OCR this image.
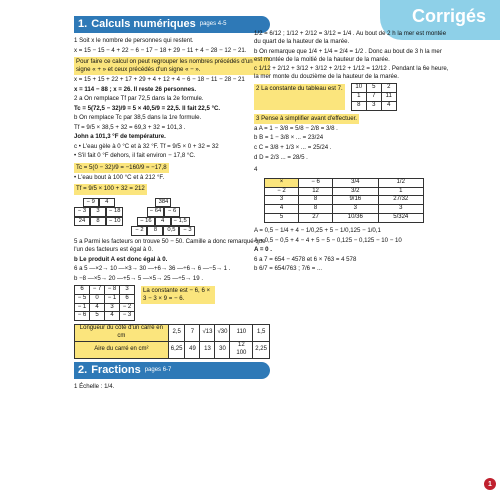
Corrigés
1. Calculs numériques pages 4-5
1 Soit x le nombre de personnes qui restent.
x = 15 − 15 − 4 + 22 − 6 − 17 − 18 + 29 − 11 + 4 − 28 − 12 − 21.
Pour faire ce calcul on peut regrouper les nombres précédés d'un signe « + » et ceux précédés d'un signe « − ».
x = 15 + 15 + 22 + 17 + 29 + 4 + 12 + 4 − 6 − 18 − 11 − 28 − 21
x = 114 − 88 ; x = 26. Il reste 26 personnes.
2 a On remplace Tf par 72,5 dans la 2e formule.
Tc = 5(72,5 − 32)/9 = 5 × 40,5/9 = 22,5. Il fait 22,5 °C.
b On remplace Tc par 38,5 dans la 1re formule.
Tf = 9/5 × 38,5 + 32 = 69,3 + 32 = 101,3 .
John a 101,3 °F de température.
c • L'eau gèle à 0 °C et à 32 °F. Tf = 9/5 × 0 + 32 = 32
• S'il fait 0 °F dehors, il fait environ − 17,8 °C.
Tc = 5(0 − 32)/9 = −160/9 ≈ −17,8
• L'eau bout à 100 °C et à 212 °F.
Tf = 9/5 × 100 + 32 = 212
− 9	4
− 3	3	− 18
24	8	− 10
384
− 64	− 6
− 16	4	− 1,5
− 2	8	0,5	− 3
5 a Parmi les facteurs on trouve 50 − 50. Camille a donc remarqué que l'un des facteurs est égal à 0.
b Le produit A est donc égal à 0.
6 a 5 —×2→ 10 —×3→ 30 —+6→ 36 —÷6→ 6 —−5→ 1 .
b −8 —×5→ 20 —+5→ 5 —×5→ 25 —÷5→ 19 .
6	− 7	− 8	3
− 5	0	− 1	6
− 1	4	3	− 2
− 6	5	4	− 3
La constante est − 6, 6 × 3 − 3 × 9 = − 6.
Longueur du côté d'un carré en cm	2,5	7	√13	√30	110	1,5
Aire du carré en cm²	6,25	49	13	30	12 100	2,25
2. Fractions pages 6-7
1 Échelle : 1/4.
1/2 = 6/12 ; 1/12 + 2/12 = 3/12 = 1/4 . Au bout de 2 h la mer est montée du quart de la hauteur de la marée.
b On remarque que 1/4 + 1/4 = 2/4 = 1/2 . Donc au bout de 3 h la mer est montée de la moitié de la hauteur de la marée.
c 1/12 + 2/12 + 3/12 + 3/12 + 2/12 + 1/12 = 12/12 . Pendant la 6e heure, la mer monte du douzième de la hauteur de la marée.
2 La constante du tableau est 7.	10	5	2
1	7	11
8	3	4
3 Pense à simplifier avant d'effectuer.
a A = 1 − 3/8 = 5/8 − 2/8 = 3/8 .
b B = 1 − 3/8 × ... = 23/24
c C = 3/8 + 1/3 × ... = 25/24 .
d D = 2/3 ... = 28/5 .
4
×	− 6	3/4	1/2
− 2	12	3/2	1
3	8	9/16	27/32
4	8	3	3
5	27	10/36	5/324
A = 0,5 − 1/4 + 4 − 1/0,25 + 5 − 1/0,125 − 1/0,1
A = 0,5 − 0,5 + 4 − 4 + 5 − 5 − 0,125 − 0,125 − 10 − 10
A = 0 .
6 a 7 = 654 − 4578 et 6 × 763 = 4 578
b 6/7 = 654/763 ; 7/6 = ...
1
